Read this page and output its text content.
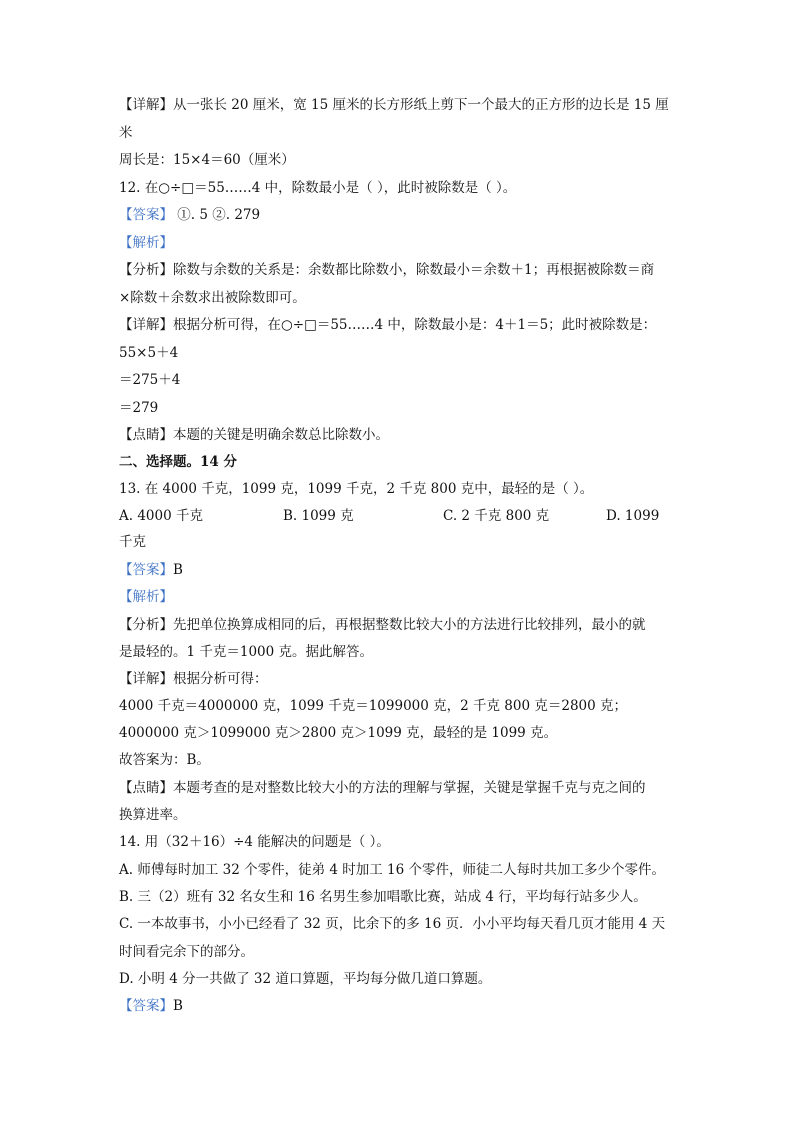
【详解】从一张长 20 厘米，宽 15 厘米的长方形纸上剪下一个最大的正方形的边长是 15 厘
米
周长是：15×4＝60（厘米）
12. 在○÷□＝55……4 中，除数最小是（ ），此时被除数是（ ）。
【答案】 ①. 5 ②. 279
【解析】
【分析】除数与余数的关系是：余数都比除数小，除数最小＝余数＋1；再根据被除数＝商
×除数＋余数求出被除数即可。
【详解】根据分析可得，在○÷□＝55……4 中，除数最小是：4＋1＝5；此时被除数是：
55×5＋4
＝275＋4
＝279
【点睛】本题的关键是明确余数总比除数小。
二、选择题。14 分
13. 在 4000 千克，1099 克，1099 千克，2 千克 800 克中，最轻的是（ ）。
A. 4000 千克	B. 1099 克	C. 2 千克 800 克	D. 1099
千克
【答案】B
【解析】
【分析】先把单位换算成相同的后，再根据整数比较大小的方法进行比较排列，最小的就
是最轻的。1 千克＝1000 克。据此解答。
【详解】根据分析可得：
4000 千克＝4000000 克，1099 千克＝1099000 克，2 千克 800 克＝2800 克；
4000000 克＞1099000 克＞2800 克＞1099 克，最轻的是 1099 克。
故答案为：B。
【点睛】本题考查的是对整数比较大小的方法的理解与掌握，关键是掌握千克与克之间的
换算进率。
14. 用（32＋16）÷4 能解决的问题是（ ）。
A. 师傅每时加工 32 个零件，徒弟 4 时加工 16 个零件，师徒二人每时共加工多少个零件。
B. 三（2）班有 32 名女生和 16 名男生参加唱歌比赛，站成 4 行，平均每行站多少人。
C. 一本故事书，小小已经看了 32 页，比余下的多 16 页．小小平均每天看几页才能用 4 天
时间看完余下的部分。
D. 小明 4 分一共做了 32 道口算题，平均每分做几道口算题。
【答案】B
